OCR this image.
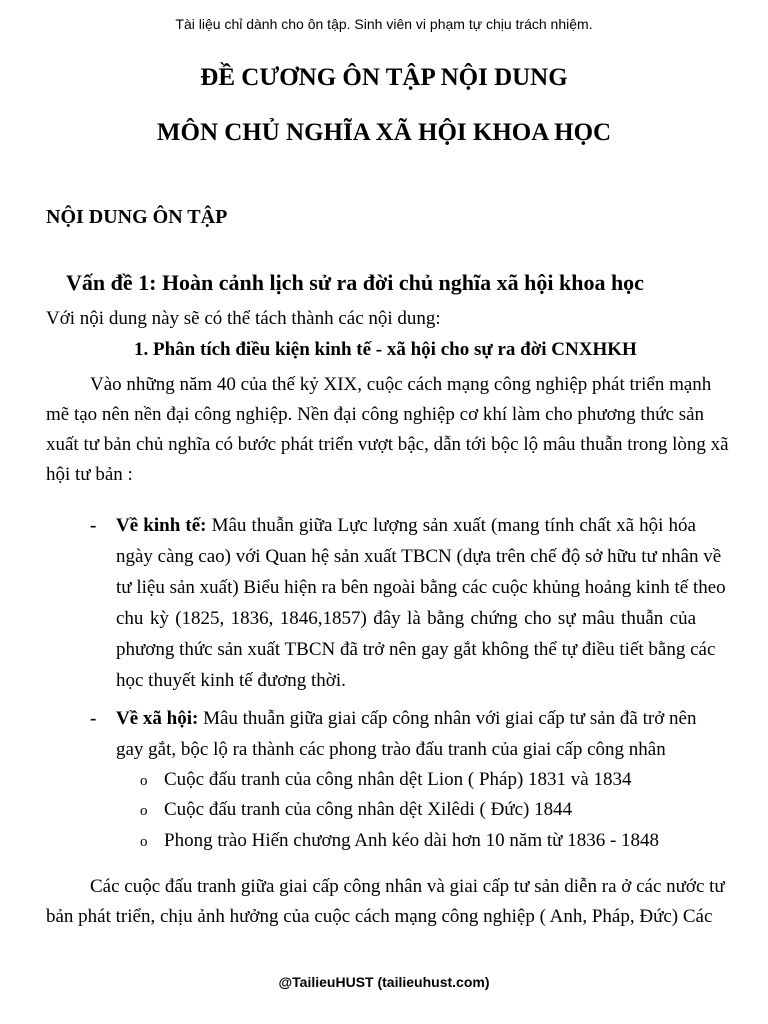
Tài liệu chỉ dành cho ôn tập. Sinh viên vi phạm tự chịu trách nhiệm.
ĐỀ CƯƠNG ÔN TẬP NỘI DUNG
MÔN CHỦ NGHĨA XÃ HỘI KHOA HỌC
NỘI DUNG ÔN TẬP
Vấn đề 1: Hoàn cảnh lịch sử ra đời chủ nghĩa xã hội khoa học
Với nội dung này sẽ có thể tách thành các nội dung:
1. Phân tích điều kiện kinh tế - xã hội cho sự ra đời CNXHKH
Vào những năm 40 của thế kỷ XIX, cuộc cách mạng công nghiệp phát triển mạnh
mẽ tạo nên nền đại công nghiệp. Nền đại công nghiệp cơ khí làm cho phương thức sản
xuất tư bản chủ nghĩa có bước phát triển vượt bậc, dẫn tới bộc lộ mâu thuẫn trong lòng xã
hội tư bản :
- Về kinh tế: Mâu thuẫn giữa Lực lượng sản xuất (mang tính chất xã hội hóa
ngày càng cao) với Quan hệ sản xuất TBCN (dựa trên chế độ sở hữu tư nhân về
tư liệu sản xuất) Biểu hiện ra bên ngoài bằng các cuộc khủng hoảng kinh tế theo
chu kỳ (1825, 1836, 1846,1857) đây là bằng chứng cho sự mâu thuẫn của
phương thức sản xuất TBCN đã trở nên gay gắt không thể tự điều tiết bằng các
học thuyết kinh tế đương thời.
- Về xã hội: Mâu thuẫn giữa giai cấp công nhân với giai cấp tư sản đã trở nên
gay gắt, bộc lộ ra thành các phong trào đấu tranh của giai cấp công nhân
o Cuộc đấu tranh của công nhân dệt Lion ( Pháp) 1831 và 1834
o Cuộc đấu tranh của công nhân dệt Xilêdi ( Đức) 1844
o Phong trào Hiến chương Anh kéo dài hơn 10 năm từ 1836 - 1848
Các cuộc đấu tranh giữa giai cấp công nhân và giai cấp tư sản diễn ra ở các nước tư
bản phát triển, chịu ảnh hưởng của cuộc cách mạng công nghiệp ( Anh, Pháp, Đức) Các
@TailieuHUST (tailieuhust.com)
